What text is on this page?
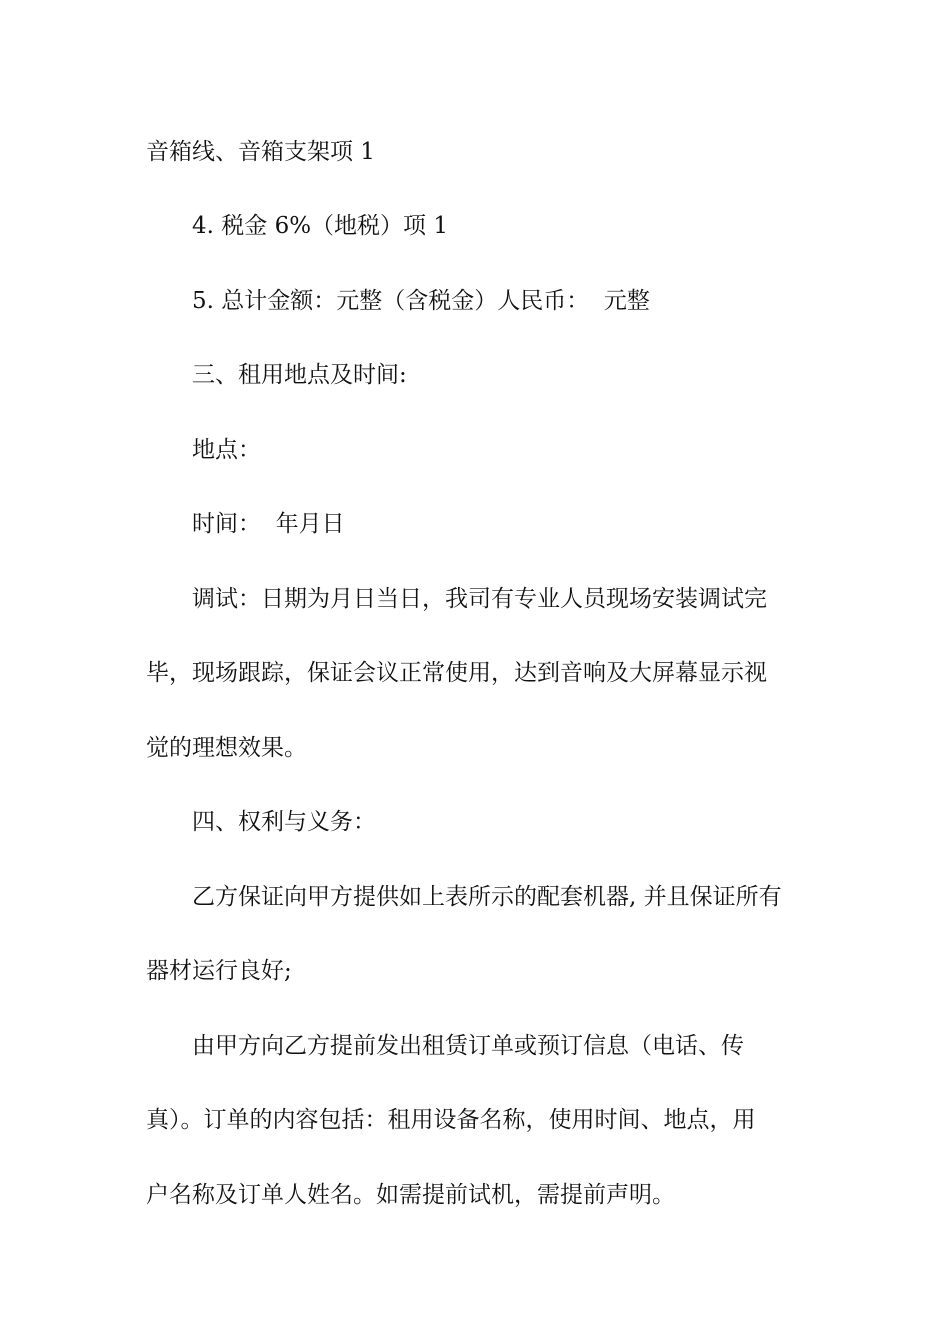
音箱线、音箱支架项 1
4. 税金 6%（地税）项 1
5. 总计金额：元整（含税金）人民币：  元整
三、租用地点及时间:
地点：
时间：  年月日
调试：日期为月日当日，我司有专业人员现场安装调试完
毕，现场跟踪，保证会议正常使用，达到音响及大屏幕显示视
觉的理想效果。
四、权利与义务：
乙方保证向甲方提供如上表所示的配套机器, 并且保证所有
器材运行良好;
由甲方向乙方提前发出租赁订单或预订信息（电话、传
真）。订单的内容包括：租用设备名称，使用时间、地点，用
户名称及订单人姓名。如需提前试机，需提前声明。
